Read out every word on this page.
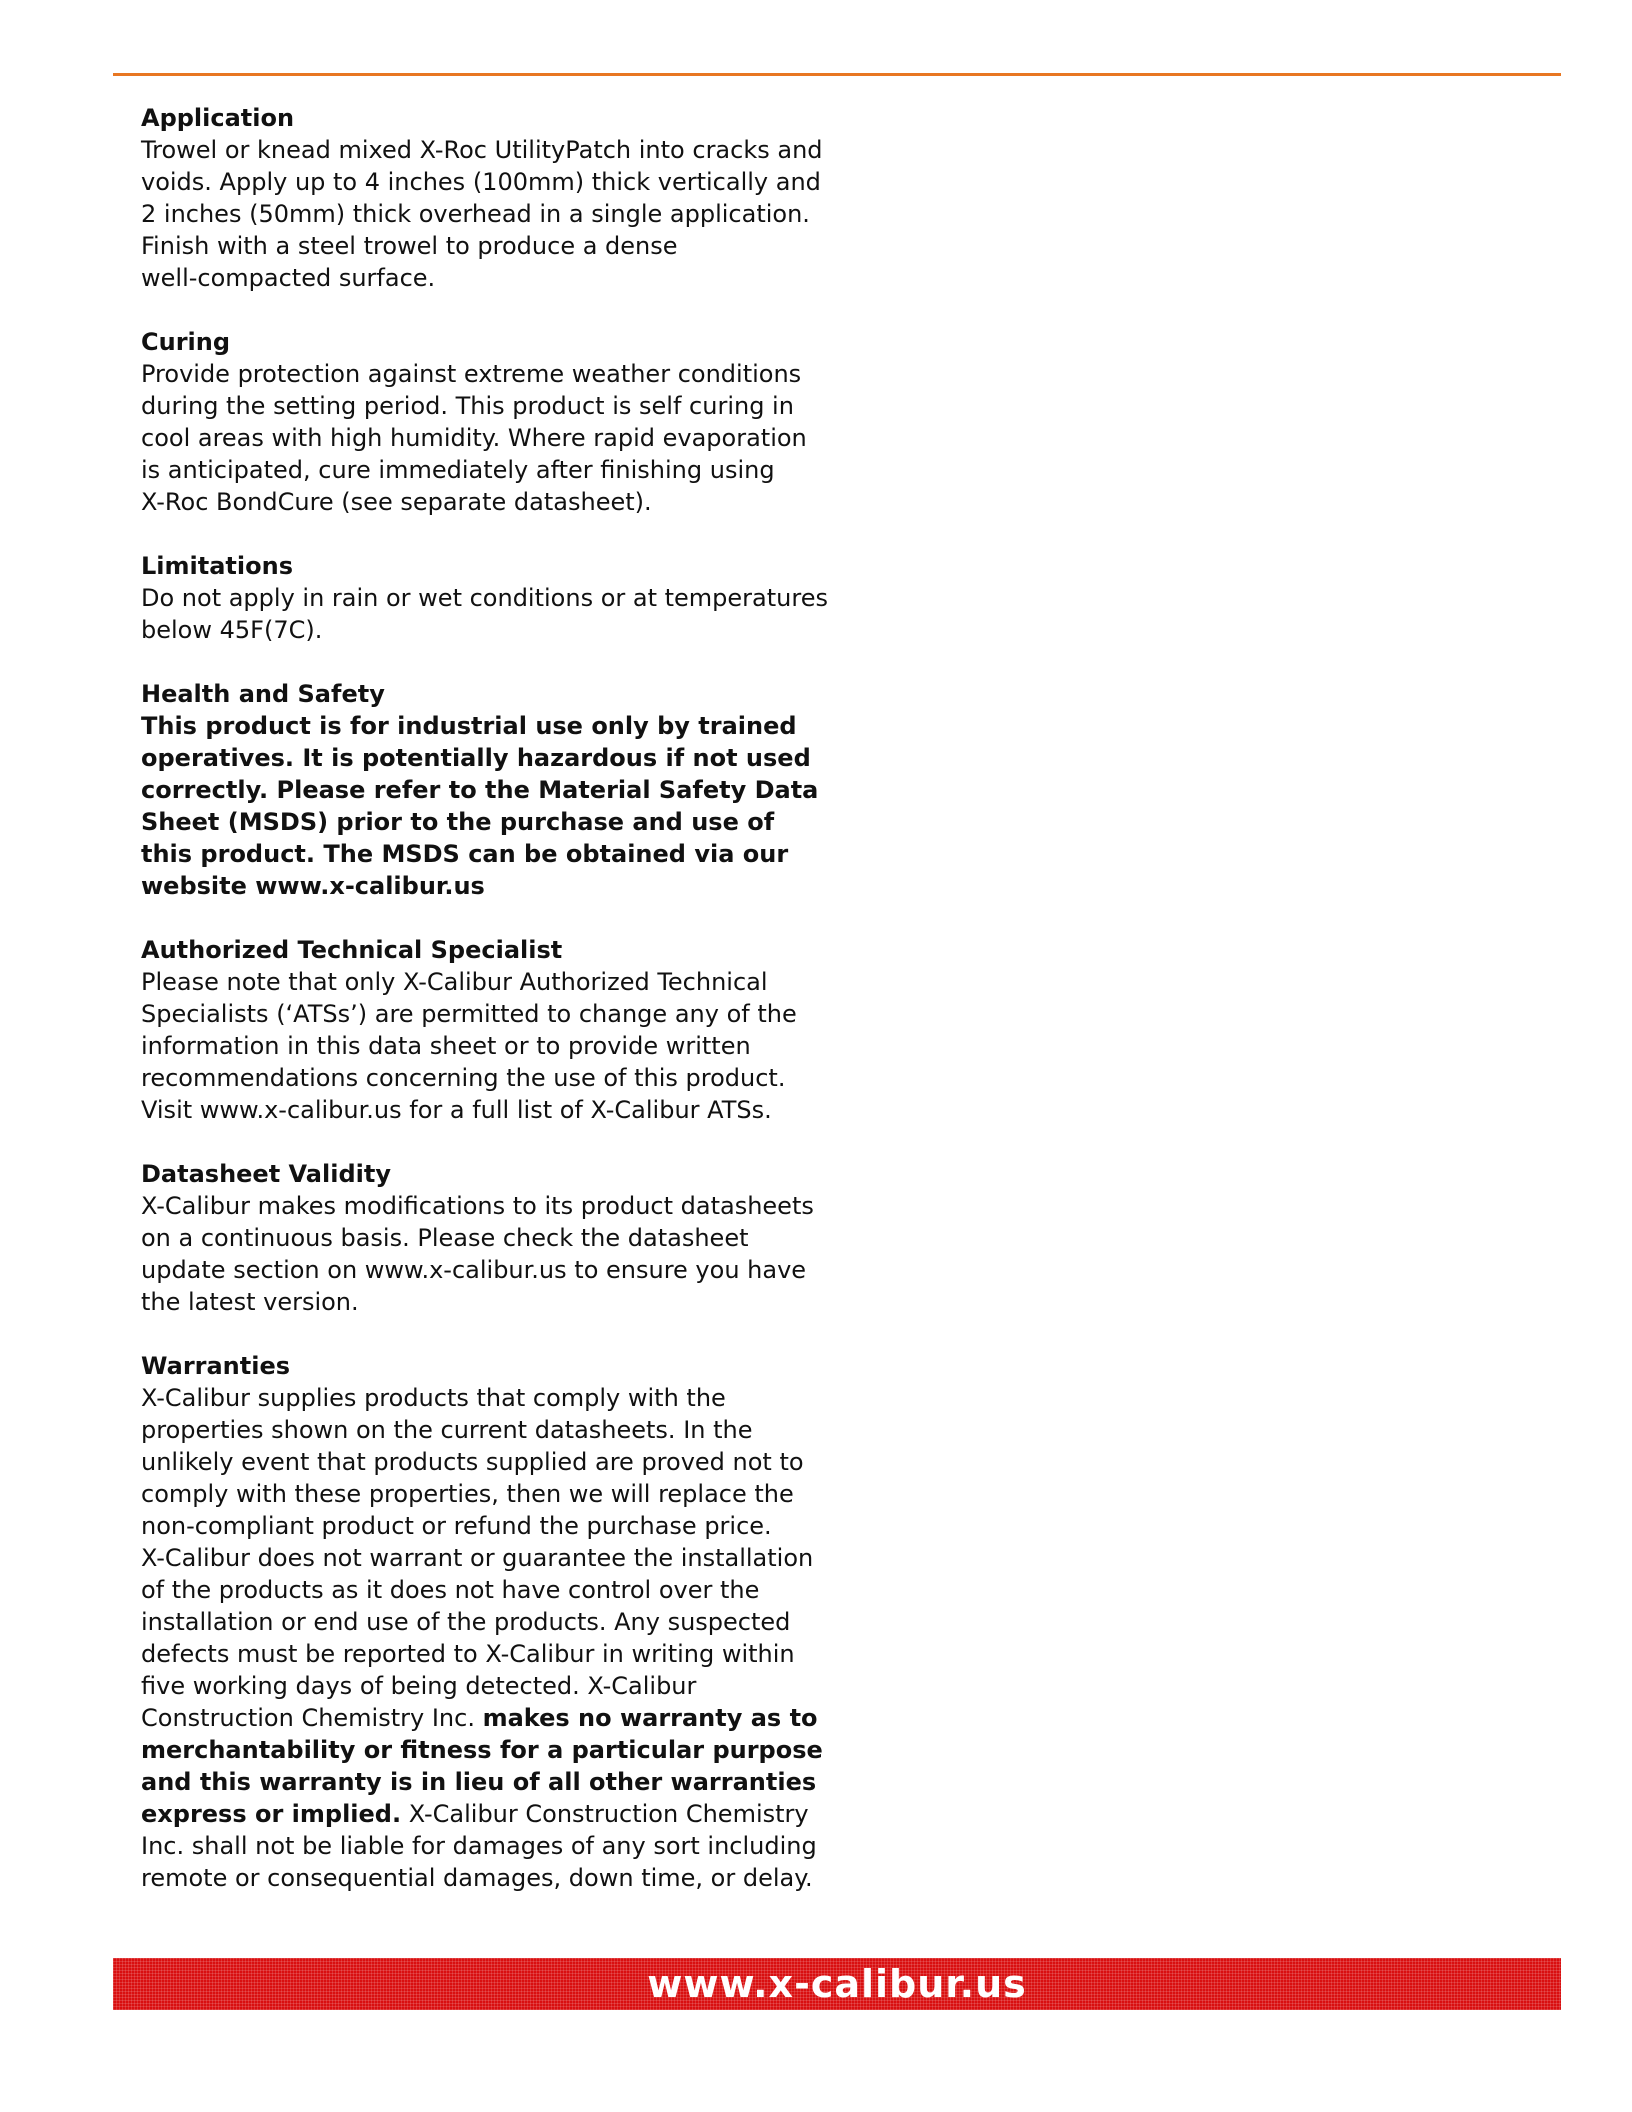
Application

Trowel or knead mixed X-Roc UtilityPatch into cracks and
voids. Apply up to 4 inches (100mm) thick vertically and
2 inches (50mm) thick overhead in a single application.
Finish with a steel trowel to produce a dense
well-compacted surface.

Curing

Provide protection against extreme weather conditions
during the setting period. This product is self curing in
cool areas with high humidity. Where rapid evaporation
is anticipated, cure immediately after finishing using
X-Roc BondCure (see separate datasheet).

Limitations

Do not apply in rain or wet conditions or at temperatures
below 45F(7C).

Health and Safety

This product is for industrial use only by trained
operatives. It is potentially hazardous if not used
correctly. Please refer to the Material Safety Data
Sheet (MSDS) prior to the purchase and use of
this product. The MSDS can be obtained via our
website www.x-calibur.us

Authorized Technical Specialist

Please note that only X-Calibur Authorized Technical
Specialists (‘ATSs’) are permitted to change any of the
information in this data sheet or to provide written
recommendations concerning the use of this product.
Visit www.x-calibur.us for a full list of X-Calibur ATSs.

Datasheet Validity

X-Calibur makes modifications to its product datasheets
on a continuous basis. Please check the datasheet
update section on www.x-calibur.us to ensure you have
the latest version.

Warranties

X-Calibur supplies products that comply with the
properties shown on the current datasheets. In the
unlikely event that products supplied are proved not to
comply with these properties, then we will replace the
non-compliant product or refund the purchase price.
X-Calibur does not warrant or guarantee the installation
of the products as it does not have control over the
installation or end use of the products. Any suspected
defects must be reported to X-Calibur in writing within
five working days of being detected. X-Calibur
Construction Chemistry Inc. makes no warranty as to
merchantability or fitness for a particular purpose
and this warranty is in lieu of all other warranties
express or implied. X-Calibur Construction Chemistry
Inc. shall not be liable for damages of any sort including
remote or consequential damages, down time, or delay.

www.x-calibur.us
